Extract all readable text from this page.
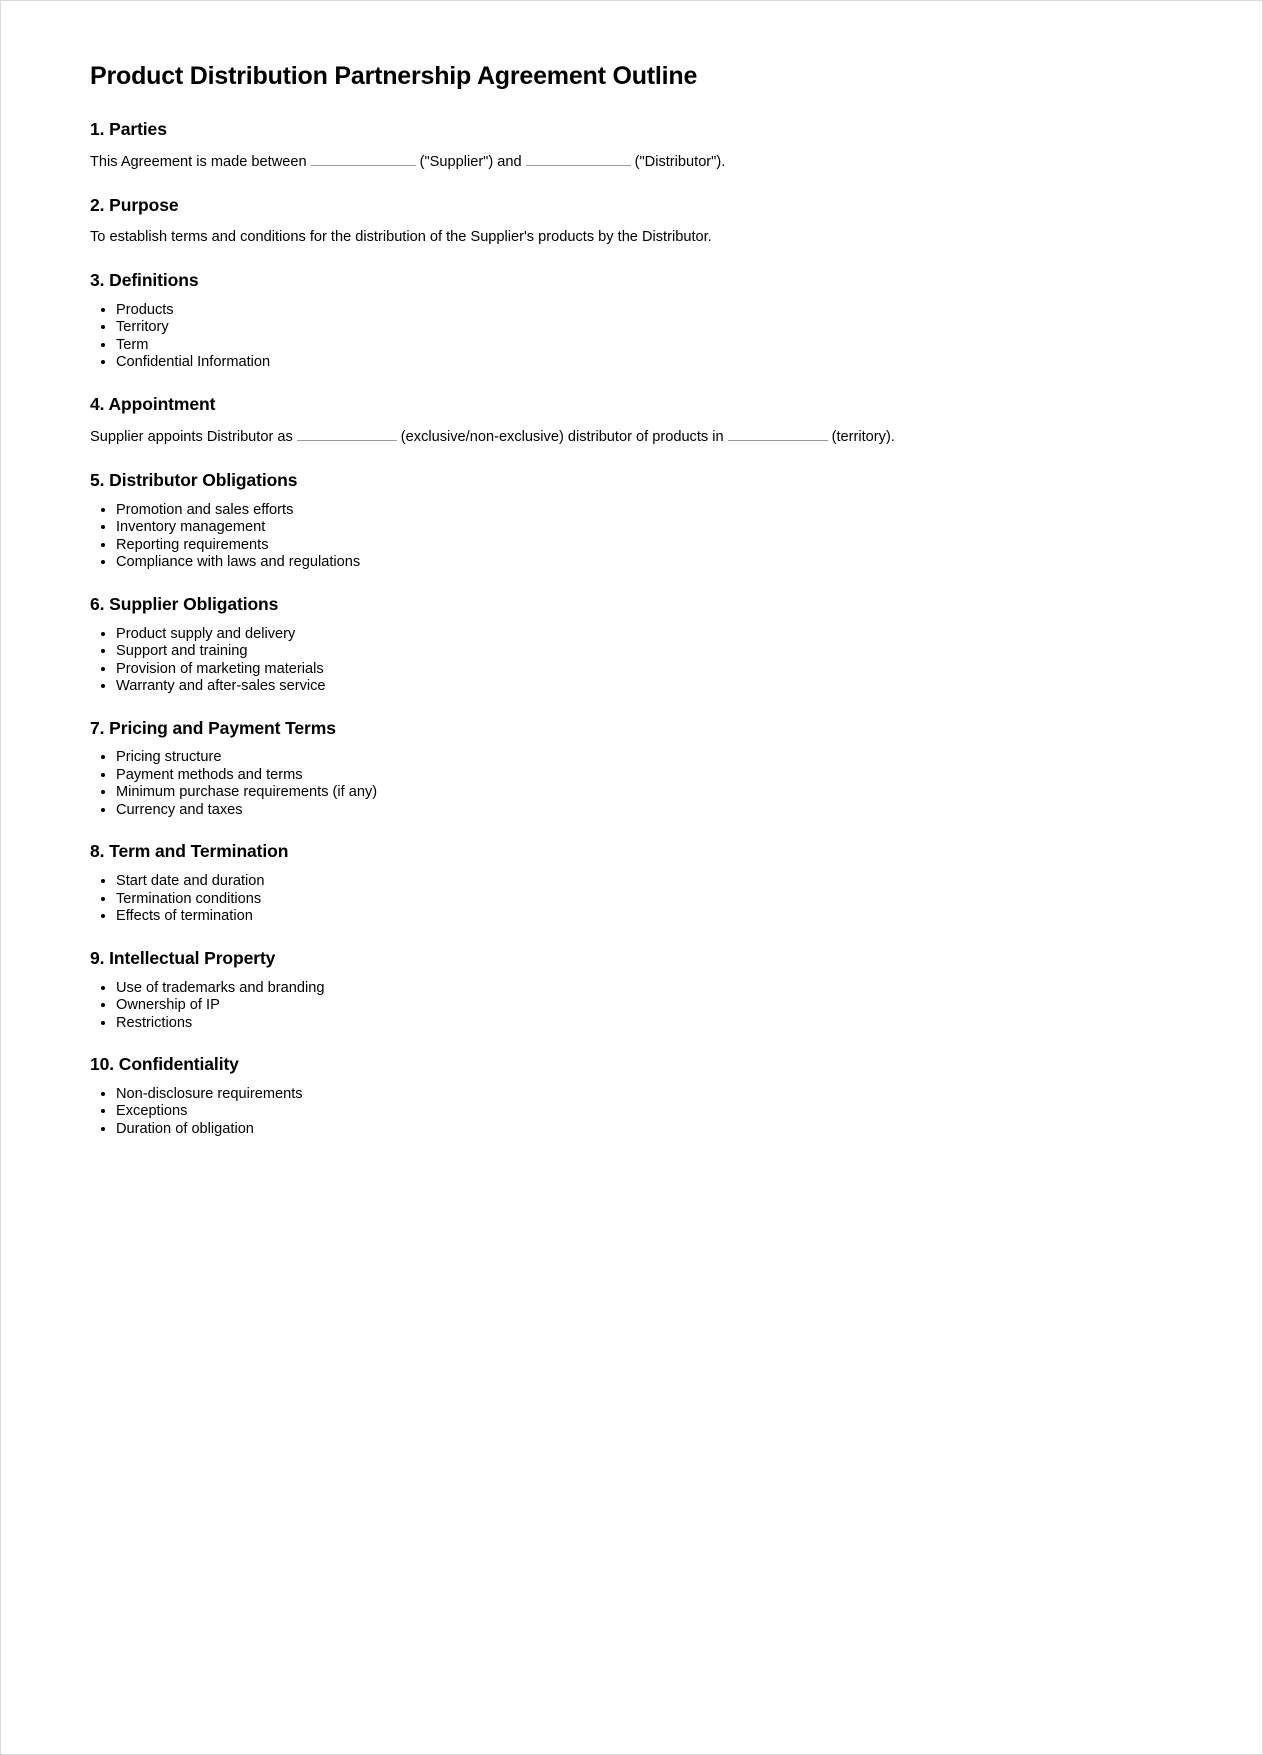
Product Distribution Partnership Agreement Outline
1. Parties

This Agreement is made between	("Supplier") and	("Distributor").

2. Purpose

To establish terms and conditions for the distribution of the Supplier's products by the Distributor.

3. Definitions
• Products
• Territory
• Term
• Confidential Information
4. Appointment

Supplier appoints Distributor as	(exclusive/non-exclusive) distributor of products in	(territory).

5. Distributor Obligations
• Promotion and sales efforts
• Inventory management
• Reporting requirements
• Compliance with laws and regulations
6. Supplier Obligations
• Product supply and delivery
• Support and training
• Provision of marketing materials
• Warranty and after-sales service
7. Pricing and Payment Terms
• Pricing structure
• Payment methods and terms
• Minimum purchase requirements (if any)
• Currency and taxes
8. Term and Termination
• Start date and duration
• Termination conditions
• Effects of termination
9. Intellectual Property
• Use of trademarks and branding
• Ownership of IP
• Restrictions
10. Confidentiality
• Non-disclosure requirements
• Exceptions
• Duration of obligation
